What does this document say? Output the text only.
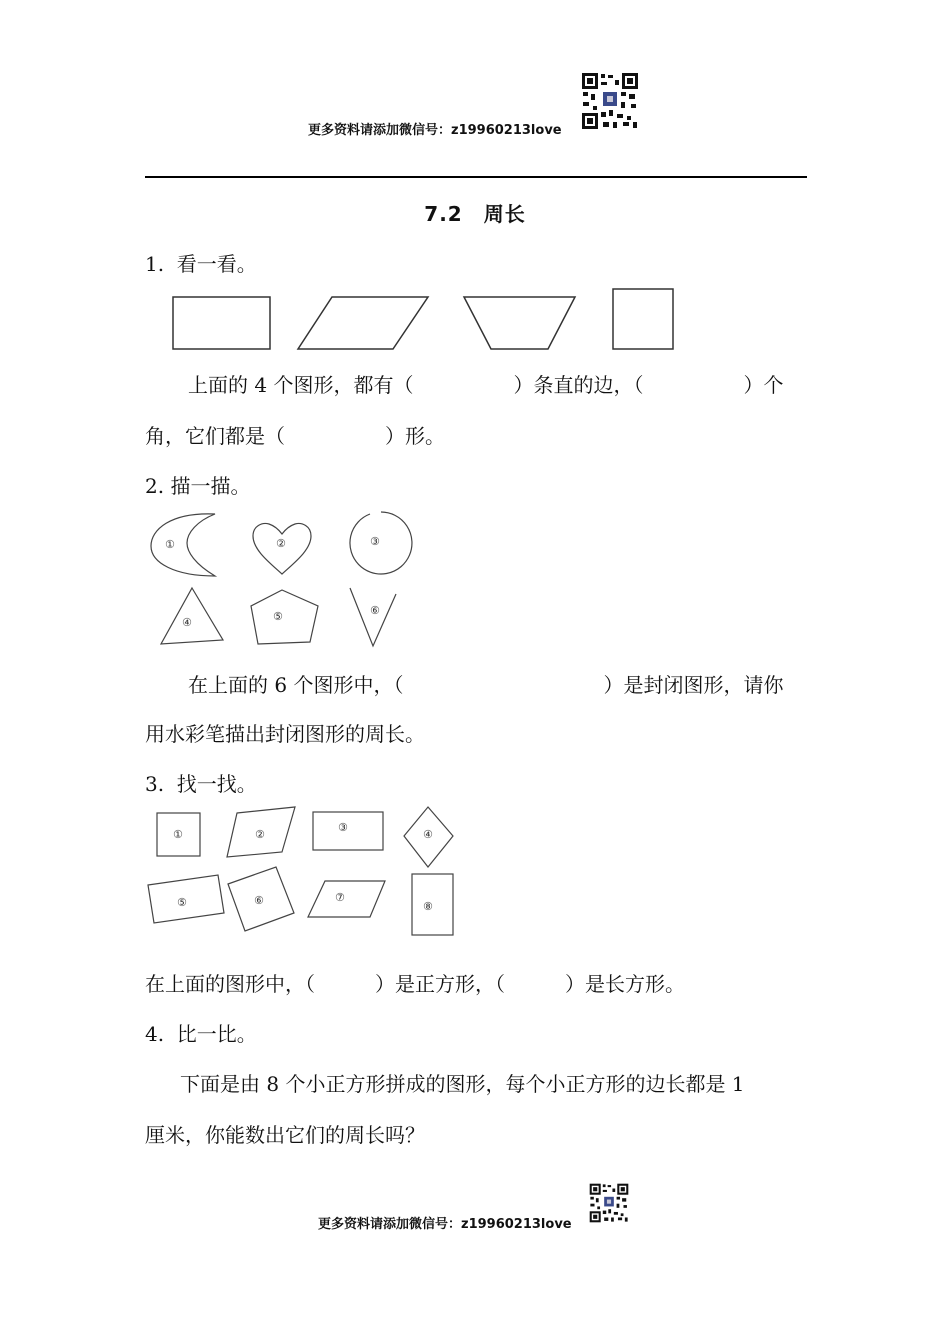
更多资料请添加微信号：z19960213love
7.2　周长
1.  看一看。
上面的 4 个图形，都有（　　　　　）条直的边，（　　　　　）个
角，它们都是（　　　　　）形。
2. 描一描。
①	②	③
④	⑤	⑥
在上面的 6 个图形中，（　　　　　　　　　　）是封闭图形，请你
用水彩笔描出封闭图形的周长。
3.  找一找。
①	②
③
④
⑤	⑥	⑦
⑧
在上面的图形中，（　　　）是正方形，（　　　）是长方形。
4.  比一比。
下面是由 8 个小正方形拼成的图形，每个小正方形的边长都是 1
厘米，你能数出它们的周长吗？
更多资料请添加微信号：z19960213love
